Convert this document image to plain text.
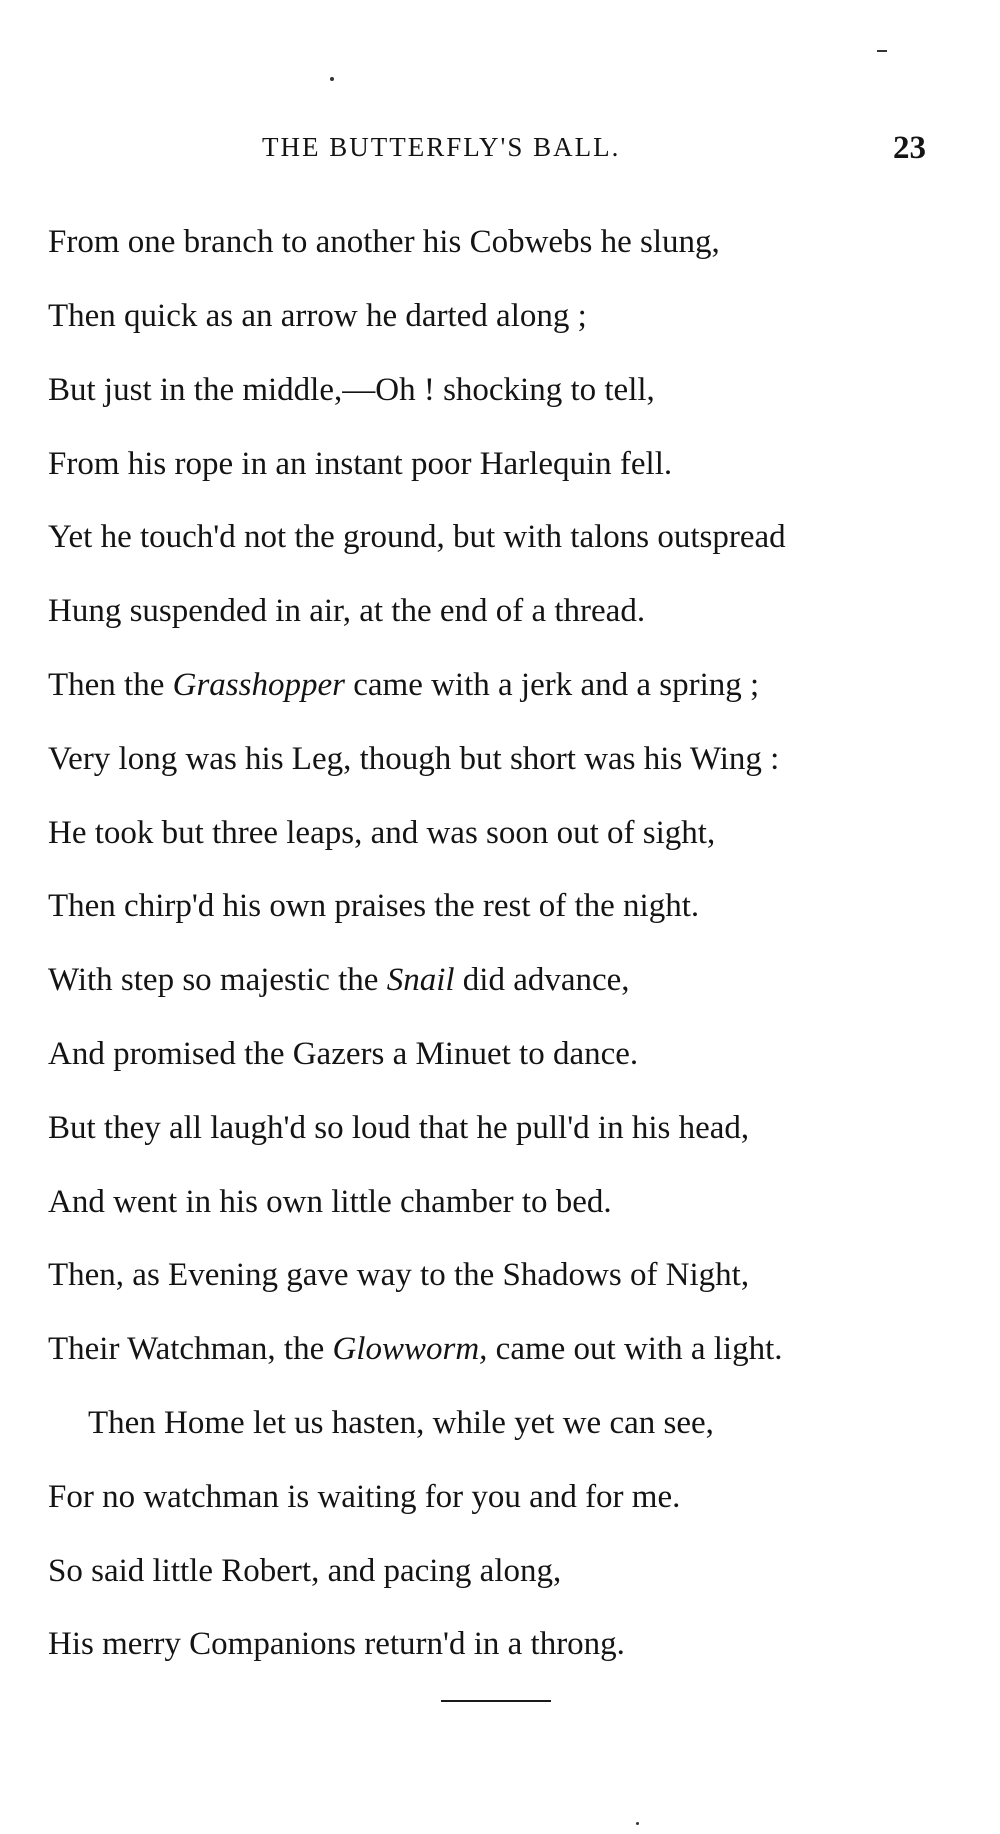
THE BUTTERFLY'S BALL.	23
From one branch to another his Cobwebs he slung,
Then quick as an arrow he darted along ;
But just in the middle,—Oh ! shocking to tell,
From his rope in an instant poor Harlequin fell.
Yet he touch'd not the ground, but with talons outspread
Hung suspended in air, at the end of a thread.
Then the Grasshopper came with a jerk and a spring ;
Very long was his Leg, though but short was his Wing :
He took but three leaps, and was soon out of sight,
Then chirp'd his own praises the rest of the night.
With step so majestic the Snail did advance,
And promised the Gazers a Minuet to dance.
But they all laugh'd so loud that he pull'd in his head,
And went in his own little chamber to bed.
Then, as Evening gave way to the Shadows of Night,
Their Watchman, the Glowworm, came out with a light.
Then Home let us hasten, while yet we can see,
For no watchman is waiting for you and for me.
So said little Robert, and pacing along,
His merry Companions return'd in a throng.
